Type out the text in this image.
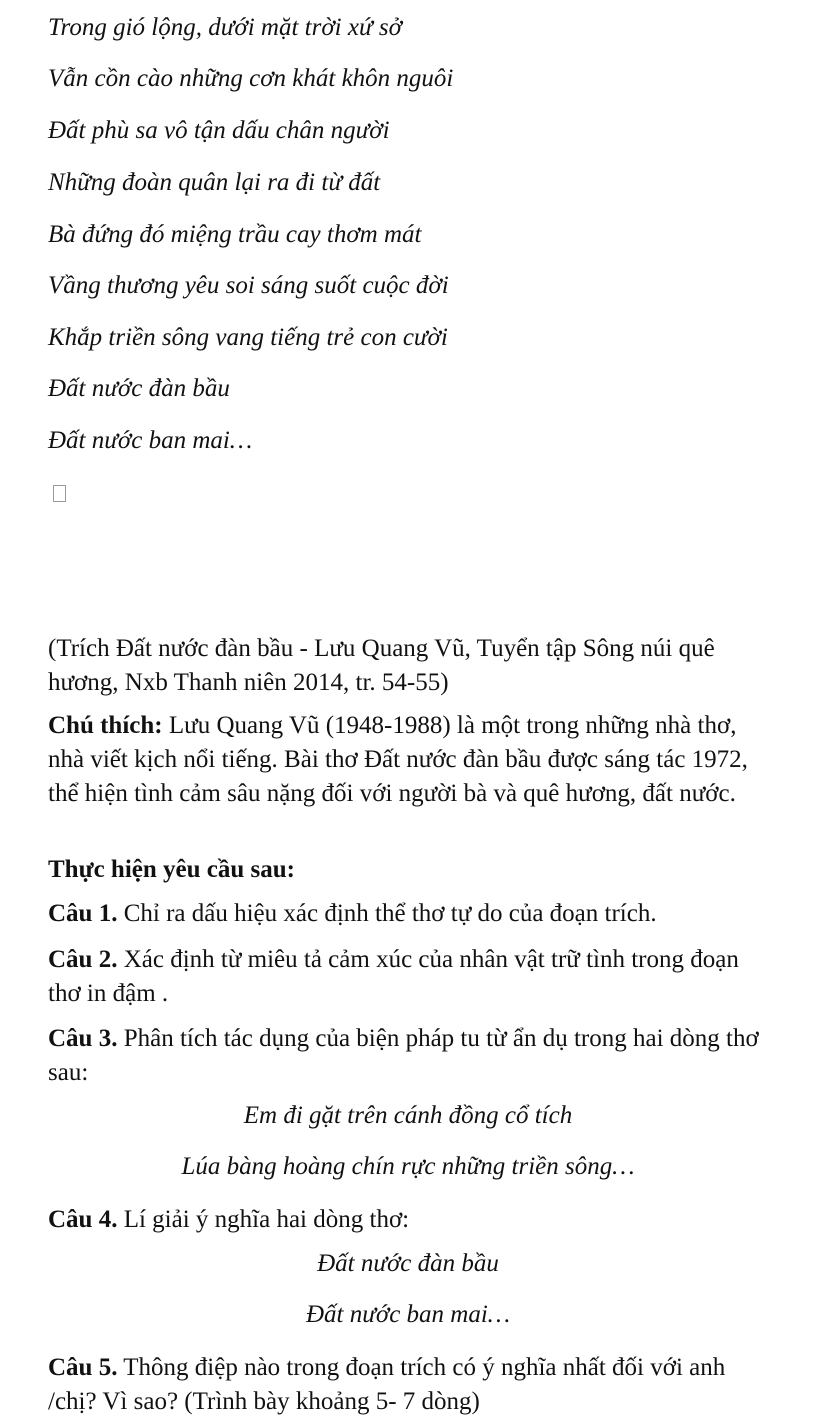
Trong gió lộng, dưới mặt trời xứ sở
Vẫn cồn cào những cơn khát khôn nguôi
Đất phù sa vô tận dấu chân người
Những đoàn quân lại ra đi từ đất
Bà đứng đó miệng trầu cay thơm mát
Vầng thương yêu soi sáng suốt cuộc đời
Khắp triền sông vang tiếng trẻ con cười
Đất nước đàn bầu
Đất nước ban mai…
(Trích Đất nước đàn bầu - Lưu Quang Vũ, Tuyển tập Sông núi quê hương, Nxb Thanh niên 2014, tr. 54-55)
Chú thích: Lưu Quang Vũ (1948-1988) là một trong những nhà thơ, nhà viết kịch nổi tiếng. Bài thơ Đất nước đàn bầu được sáng tác 1972, thể hiện tình cảm sâu nặng đối với người bà và quê hương, đất nước.
Thực hiện yêu cầu sau:
Câu 1. Chỉ ra dấu hiệu xác định thể thơ tự do của đoạn trích.
Câu 2. Xác định từ miêu tả cảm xúc của nhân vật trữ tình trong đoạn thơ in đậm .
Câu 3. Phân tích tác dụng của biện pháp tu từ ẩn dụ trong hai dòng thơ sau:
Em đi gặt trên cánh đồng cổ tích
Lúa bàng hoàng chín rực những triền sông…
Câu 4. Lí giải ý nghĩa hai dòng thơ:
Đất nước đàn bầu
Đất nước ban mai…
Câu 5. Thông điệp nào trong đoạn trích có ý nghĩa nhất đối với anh /chị? Vì sao? (Trình bày khoảng 5- 7 dòng)
